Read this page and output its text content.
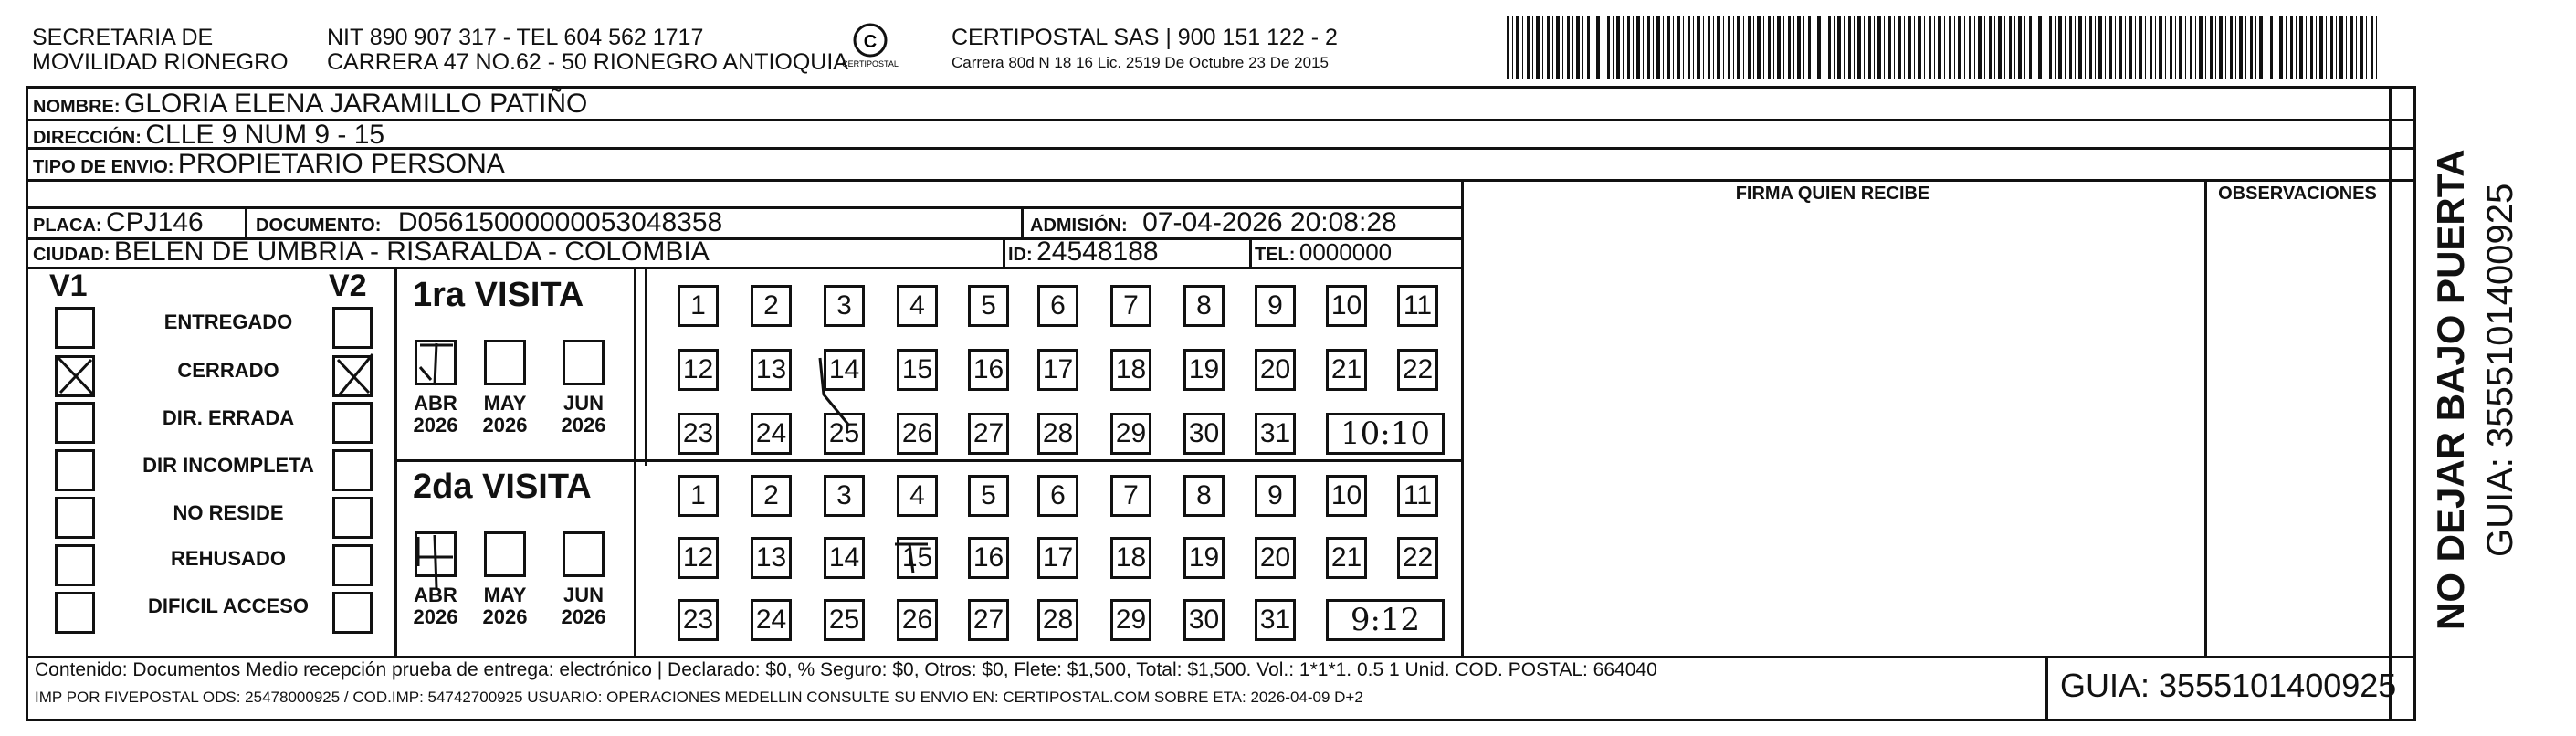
SECRETARIA DE
MOVILIDAD RIONEGRO
NIT 890 907 317 - TEL 604 562 1717
CARRERA 47 NO.62 - 50 RIONEGRO ANTIOQUIA
C
CERTIPOSTAL
CERTIPOSTAL SAS | 900 151 122 - 2
Carrera 80d N 18 16 Lic. 2519 De Octubre 23 De 2015
NOMBRE: GLORIA ELENA JARAMILLO PATIÑO
DIRECCIÓN: CLLE 9 NUM 9 - 15
TIPO DE ENVIO: PROPIETARIO PERSONA
PLACA: CPJ146	DOCUMENTO: D05615000000053048358	ADMISIÓN: 07-04-2026 20:08:28
CIUDAD: BELEN DE UMBRÍA - RISARALDA - COLOMBIA	ID: 24548188	TEL: 0000000
FIRMA QUIEN RECIBE	OBSERVACIONES
V1	V2
ENTREGADO
CERRADO
DIR. ERRADA
DIR INCOMPLETA
NO RESIDE
REHUSADO
DIFICIL ACCESO
1ra VISITA
2da VISITA
ABR
2026
MAY
2026
JUN
2026
ABR
2026
MAY
2026
JUN
2026
1	2	3	4	5	6	7	8	9	10 11
12 13 14 15 16 17 18 19 20 21 22
23 24 25 26 27 28 29 30 31	10:10
1	2	3	4	5	6	7	8	9	10 11
12 13 14 15 16 17 18 19 20 21 22
23 24 25 26 27 28 29 30 31	9:12
Contenido: Documentos Medio recepción prueba de entrega: electrónico | Declarado: $0, % Seguro: $0, Otros: $0, Flete: $1,500, Total: $1,500. Vol.: 1*1*1. 0.5 1 Unid. COD. POSTAL: 664040
IMP POR FIVEPOSTAL ODS: 25478000925 / COD.IMP: 54742700925 USUARIO: OPERACIONES MEDELLIN CONSULTE SU ENVIO EN: CERTIPOSTAL.COM SOBRE ETA: 2026-04-09 D+2	GUIA: 3555101400925
NO DEJAR BAJO PUERTA GUIA: 3555101400925
